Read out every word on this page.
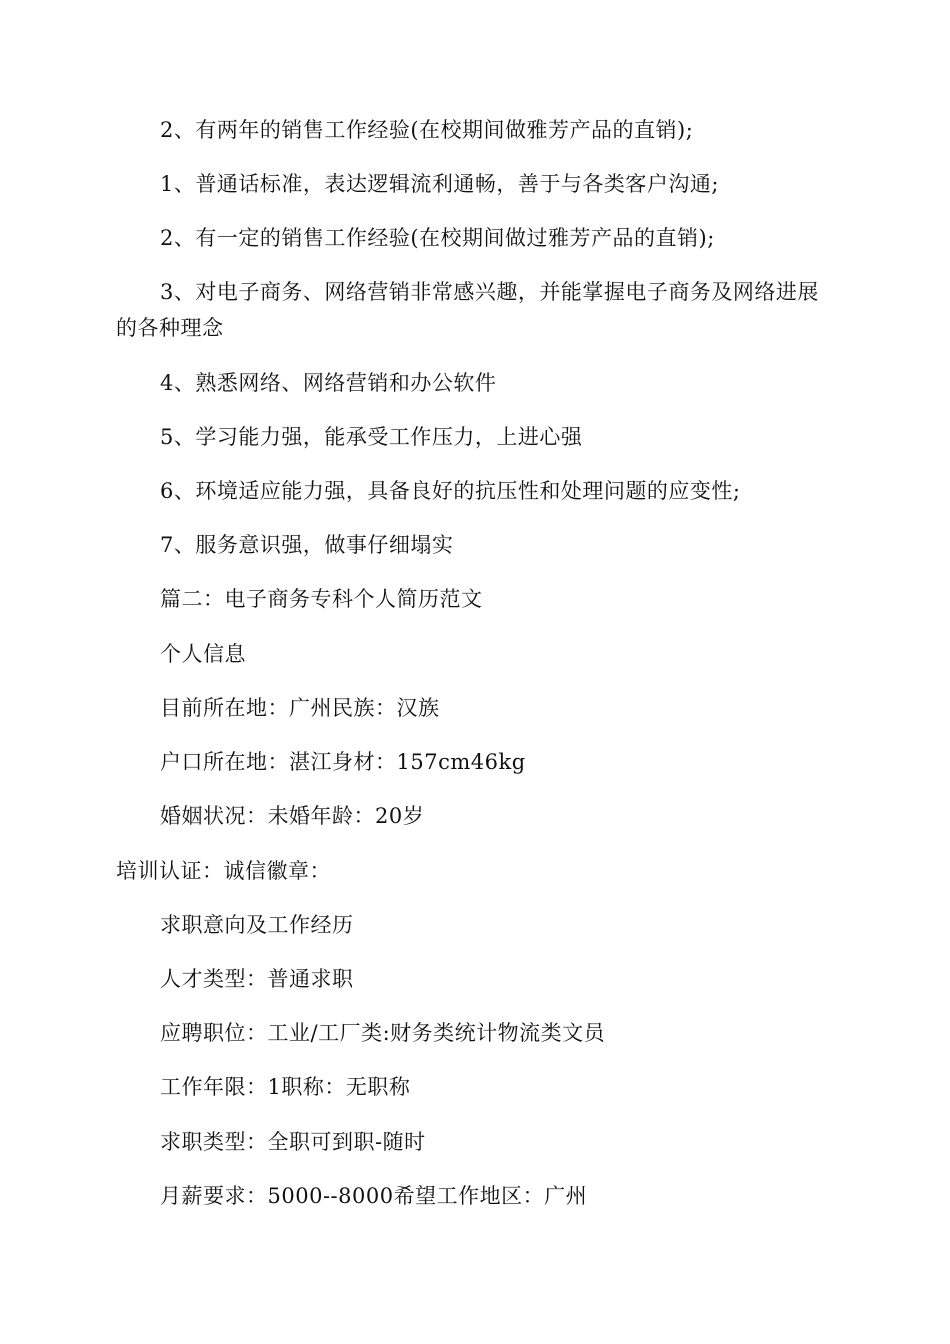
2、有两年的销售工作经验(在校期间做雅芳产品的直销);
1、普通话标准，表达逻辑流利通畅，善于与各类客户沟通;
2、有一定的销售工作经验(在校期间做过雅芳产品的直销);
3、对电子商务、网络营销非常感兴趣，并能掌握电子商务及网络进展的各种理念
4、熟悉网络、网络营销和办公软件
5、学习能力强，能承受工作压力，上进心强
6、环境适应能力强，具备良好的抗压性和处理问题的应变性;
7、服务意识强，做事仔细塌实
篇二：电子商务专科个人简历范文
个人信息
目前所在地：广州民族：汉族
户口所在地：湛江身材：157cm46kg
婚姻状况：未婚年龄：20岁
培训认证：诚信徽章：
求职意向及工作经历
人才类型：普通求职
应聘职位：工业/工厂类:财务类统计物流类文员
工作年限：1职称：无职称
求职类型：全职可到职-随时
月薪要求：5000--8000希望工作地区：广州
